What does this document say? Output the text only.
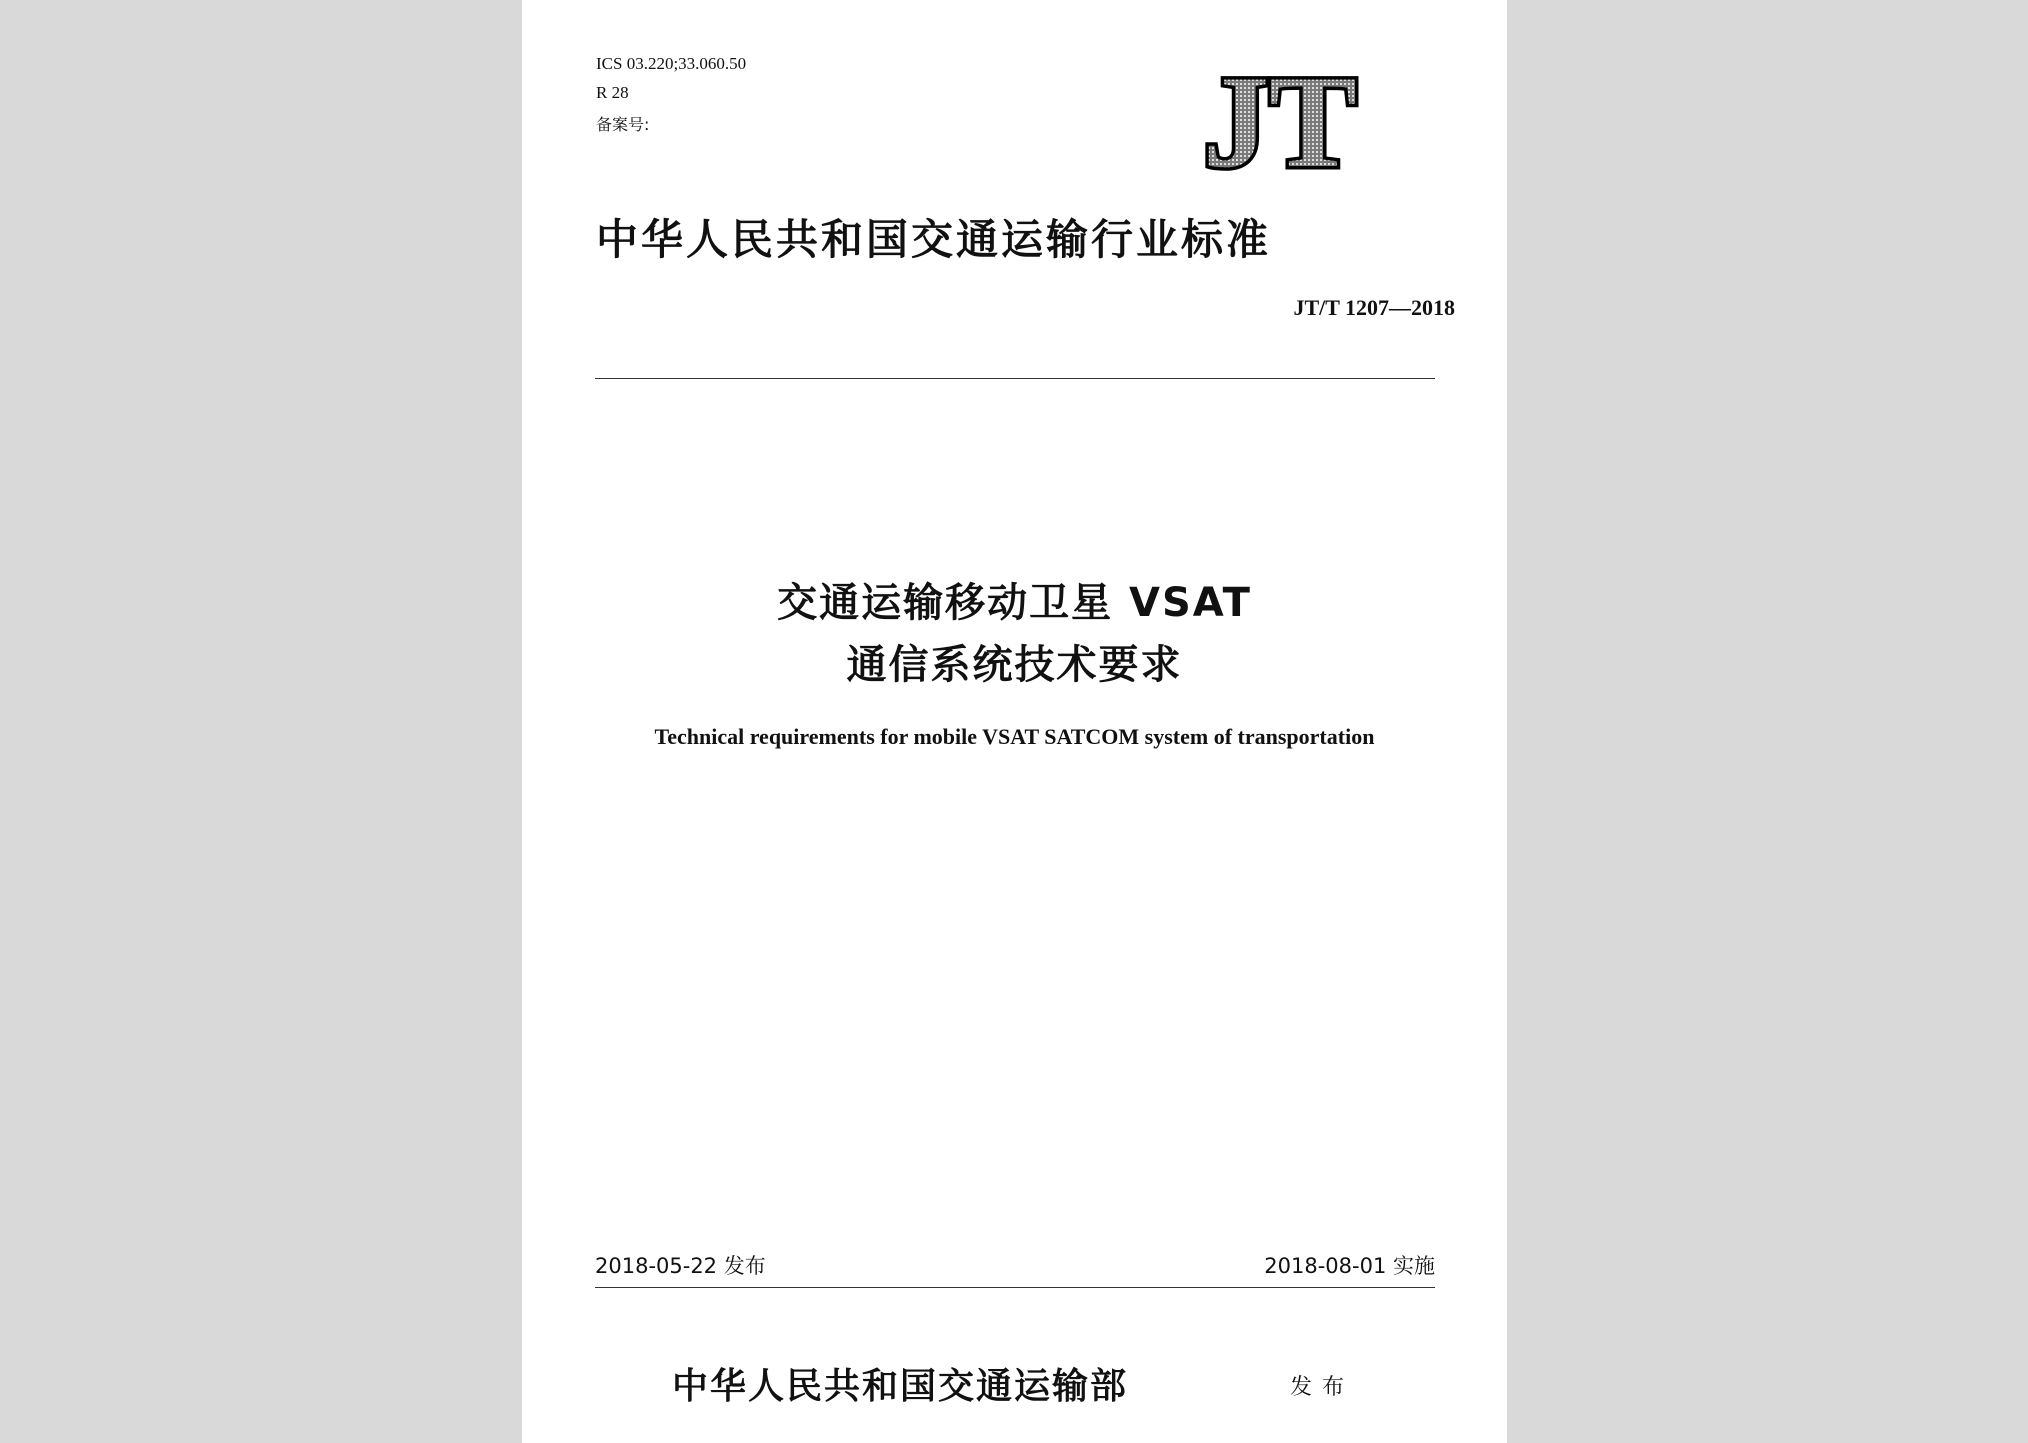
ICS 03.220;33.060.50
R 28
备案号:	JT
中华人民共和国交通运输行业标准
JT/T 1207—2018
交通运输移动卫星 VSAT
通信系统技术要求
Technical requirements for mobile VSAT SATCOM system of transportation
2018-05-22 发布	2018-08-01 实施
中华人民共和国交通运输部	发布
